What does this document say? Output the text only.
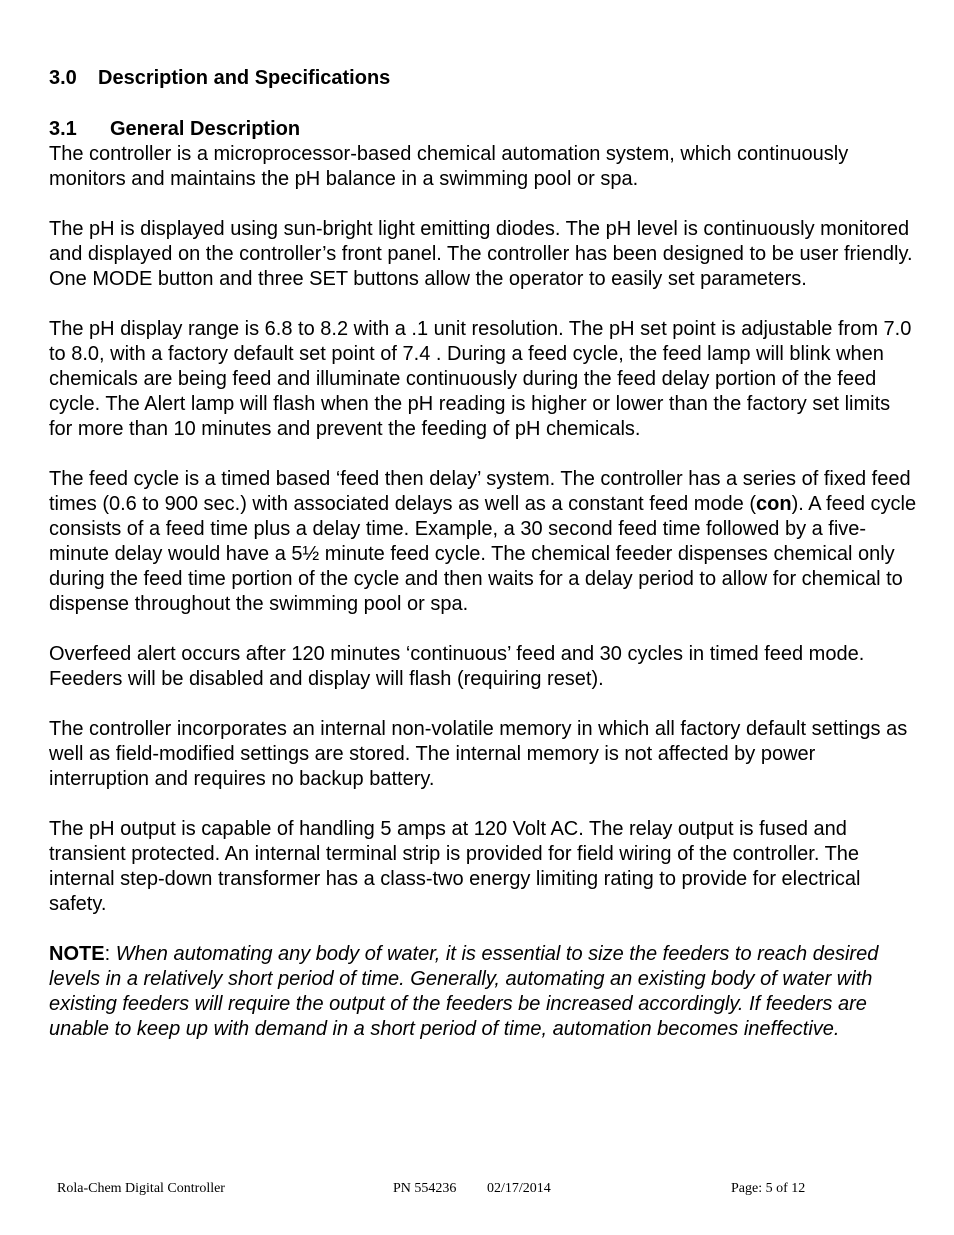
3.0 Description and Specifications
3.1 General Description

The controller is a microprocessor-based chemical automation system, which continuously monitors and maintains the pH balance in a swimming pool or spa.

The pH is displayed using sun-bright light emitting diodes. The pH level is continuously monitored and displayed on the controller’s front panel. The controller has been designed to be user friendly. One MODE button and three SET buttons allow the operator to easily set parameters.

The pH display range is 6.8 to 8.2 with a .1 unit resolution. The pH set point is adjustable from 7.0 to 8.0, with a factory default set point of 7.4 . During a feed cycle, the feed lamp will blink when chemicals are being feed and illuminate continuously during the feed delay portion of the feed cycle. The Alert lamp will flash when the pH reading is higher or lower than the factory set limits for more than 10 minutes and prevent the feeding of pH chemicals.

The feed cycle is a timed based ‘feed then delay’ system. The controller has a series of fixed feed times (0.6 to 900 sec.) with associated delays as well as a constant feed mode (con). A feed cycle consists of a feed time plus a delay time. Example, a 30 second feed time followed by a five-minute delay would have a 5½ minute feed cycle. The chemical feeder dispenses chemical only during the feed time portion of the cycle and then waits for a delay period to allow for chemical to dispense throughout the swimming pool or spa.

Overfeed alert occurs after 120 minutes ‘continuous’ feed and 30 cycles in timed feed mode. Feeders will be disabled and display will flash (requiring reset).

The controller incorporates an internal non-volatile memory in which all factory default settings as well as field-modified settings are stored. The internal memory is not affected by power interruption and requires no backup battery.

The pH output is capable of handling 5 amps at 120 Volt AC. The relay output is fused and transient protected. An internal terminal strip is provided for field wiring of the controller. The internal step-down transformer has a class-two energy limiting rating to provide for electrical safety.

NOTE: When automating any body of water, it is essential to size the feeders to reach desired levels in a relatively short period of time. Generally, automating an existing body of water with existing feeders will require the output of the feeders be increased accordingly. If feeders are unable to keep up with demand in a short period of time, automation becomes ineffective.

Rola-Chem Digital Controller	PN 554236 02/17/2014	Page: 5 of 12
